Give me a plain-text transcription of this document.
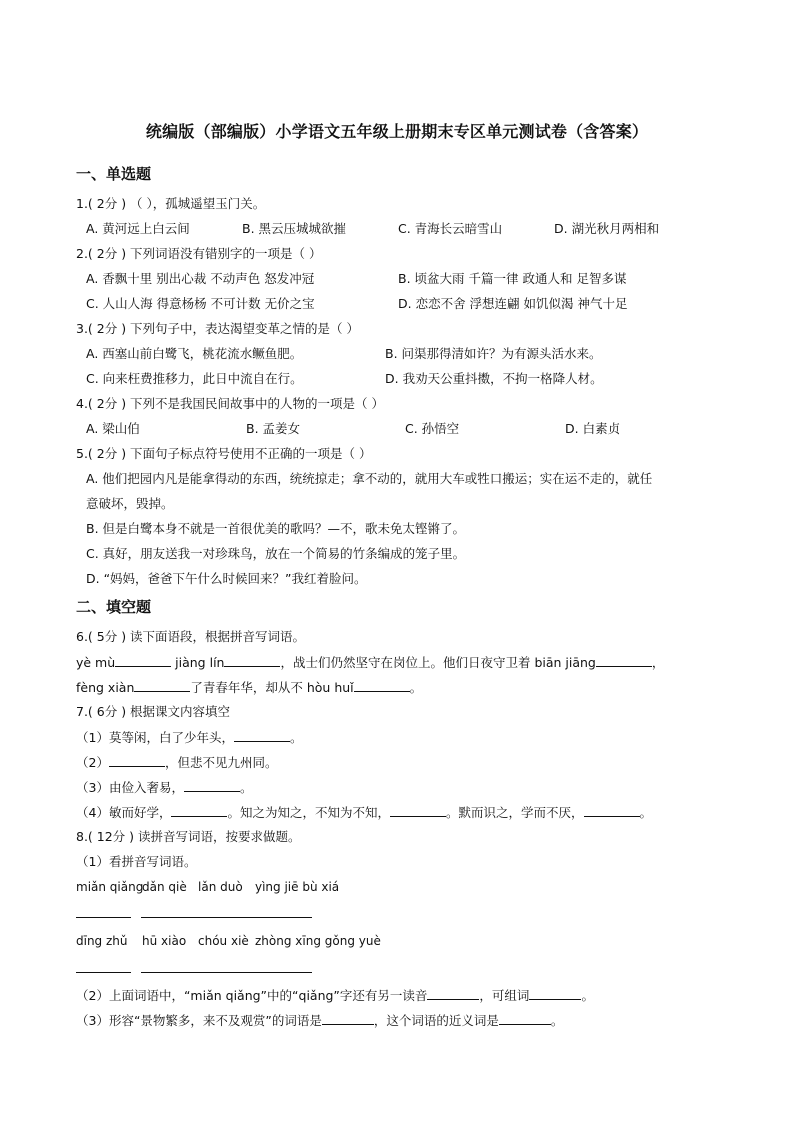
统编版（部编版）小学语文五年级上册期末专区单元测试卷（含答案）
一、单选题
1.( 2分 ) （ ），孤城遥望玉门关。
A. 黄河远上白云间	B. 黑云压城城欲摧	C. 青海长云暗雪山	D. 湖光秋月两相和
2.( 2分 ) 下列词语没有错别字的一项是（ ）
A. 香飘十里 别出心裁 不动声色 怒发冲冠	B. 顷盆大雨 千篇一律 政通人和 足智多谋
C. 人山人海 得意杨杨 不可计数 无价之宝	D. 恋恋不舍 浮想连翩 如饥似渴 神气十足
3.( 2分 ) 下列句子中，表达渴望变革之情的是（ ）
A. 西塞山前白鹭飞，桃花流水鳜鱼肥。	B. 问渠那得清如许？为有源头活水来。
C. 向来枉费推移力，此日中流自在行。	D. 我劝天公重抖擞，不拘一格降人材。
4.( 2分 ) 下列不是我国民间故事中的人物的一项是（ ）
A. 梁山伯	B. 孟姜女	C. 孙悟空	D. 白素贞
5.( 2分 ) 下面句子标点符号使用不正确的一项是（ ）
A. 他们把园内凡是能拿得动的东西，统统掠走；拿不动的，就用大车或牲口搬运；实在运不走的，就任
意破坏，毁掉。
B. 但是白鹭本身不就是一首很优美的歌吗？—不，歌未免太铿锵了。
C. 真好，朋友送我一对珍珠鸟，放在一个简易的竹条编成的笼子里。
D. “妈妈，爸爸下午什么时候回来？”我红着脸问。
二、填空题
6.( 5分 ) 读下面语段，根据拼音写词语。
yè mù	jiàng lín	，战士们仍然坚守在岗位上。他们日夜守卫着 biān jiāng	，
fèng xiàn	了青春年华，却从不 hòu huǐ	。
7.( 6分 ) 根据课文内容填空
（1）莫等闲，白了少年头，	。
（2）	，但悲不见九州同。
（3）由俭入奢易，	。
（4）敏而好学，	。知之为知之，不知为不知，	。默而识之，学而不厌，	。
8.( 12分 ) 读拼音写词语，按要求做题。
（1）看拼音写词语。
miǎn qiǎng
dǎn qiè lǎn duò yìng jiē bù xiá
dīng zhǔ hū xiào chóu xiè zhòng xīng gǒng yuè
（2）上面词语中，“miǎn qiǎng”中的“qiǎng”字还有另一读音	，可组词	。
（3）形容“景物繁多，来不及观赏”的词语是	，这个词语的近义词是	。
